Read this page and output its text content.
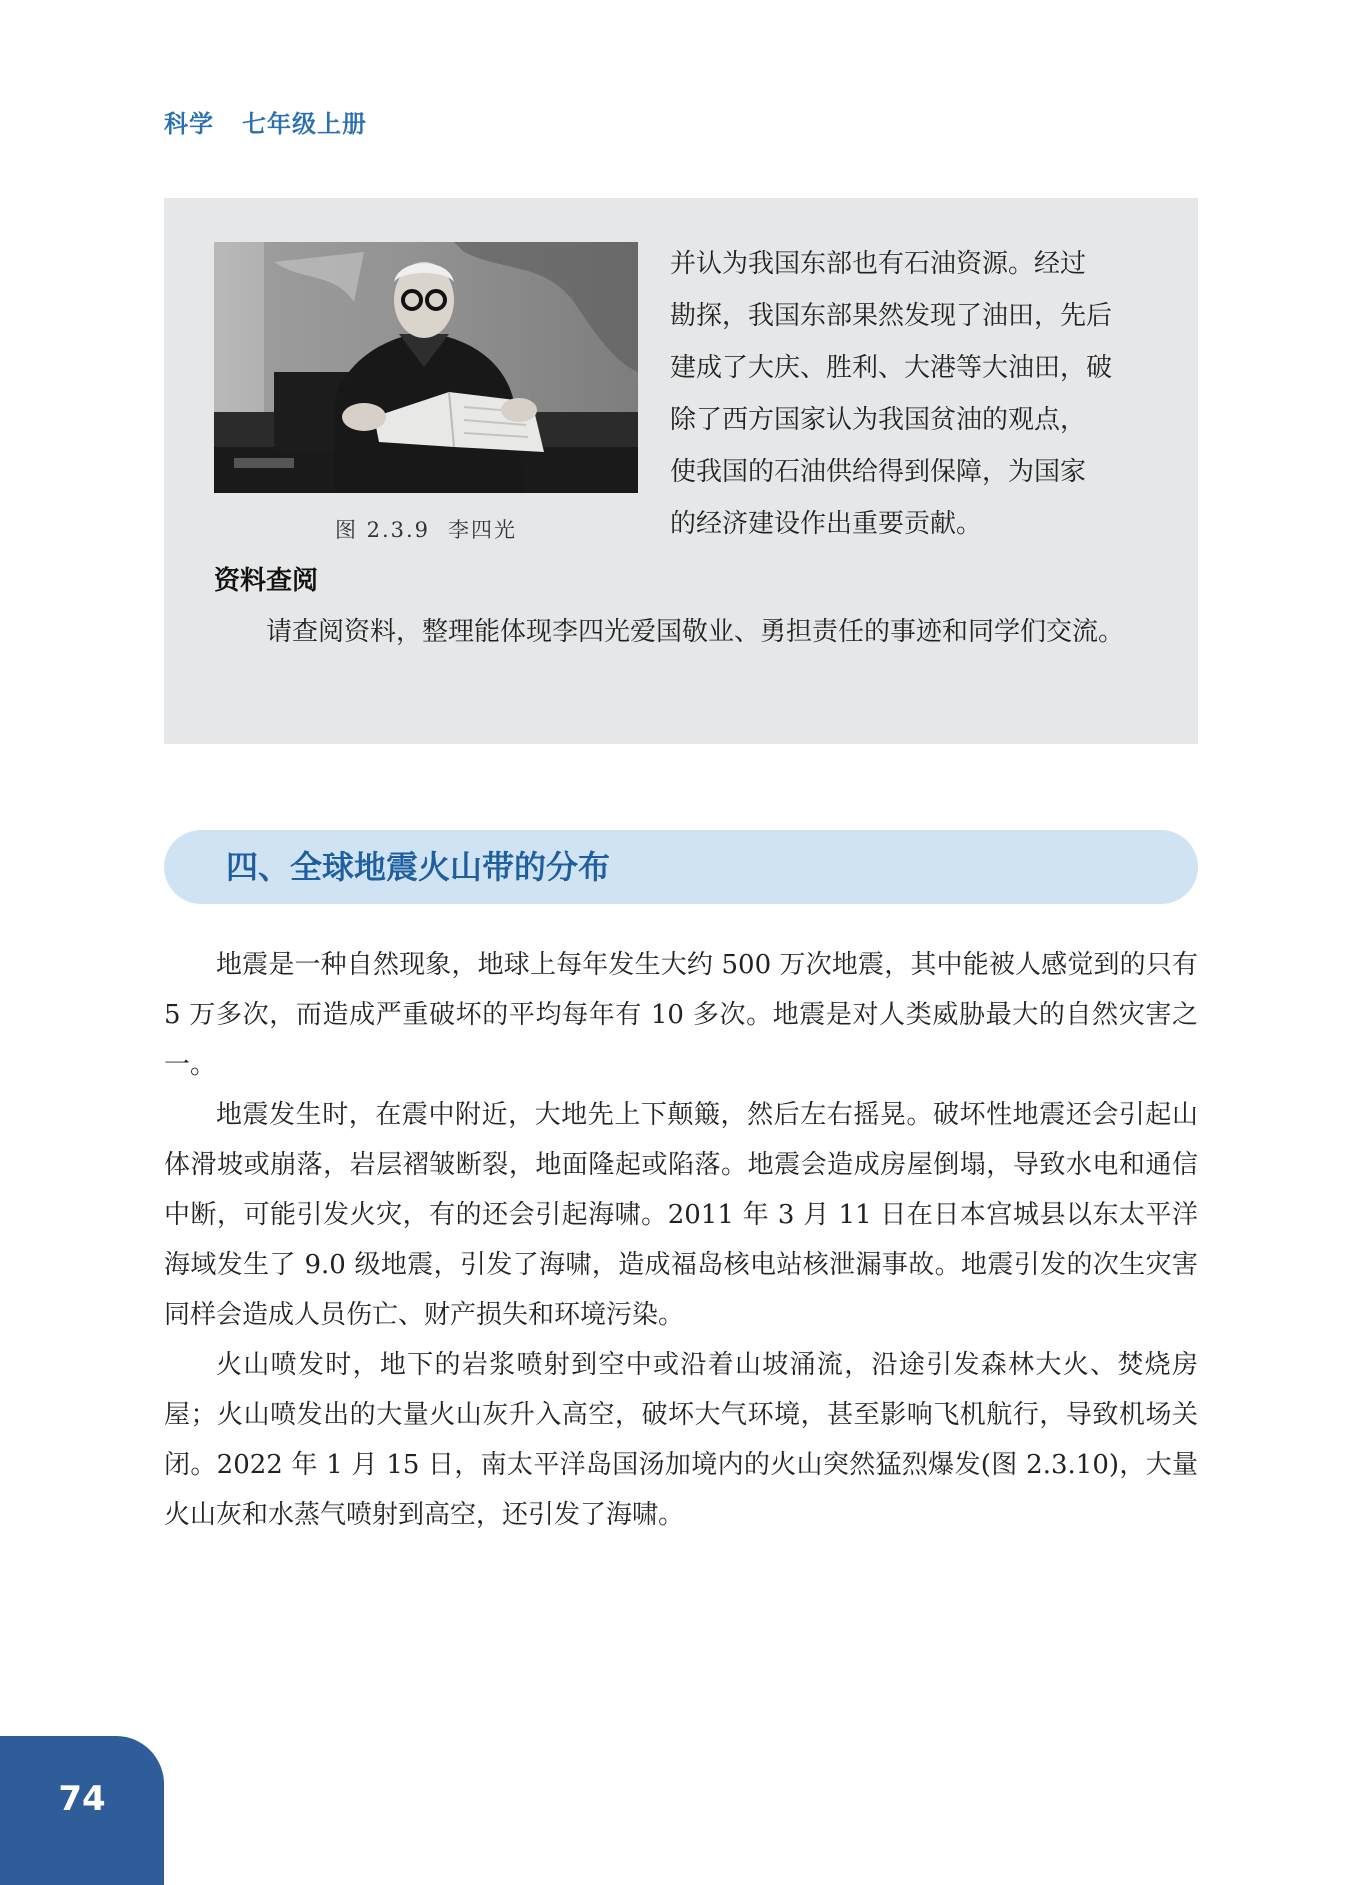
科学 七年级上册
图 2.3.9 李四光
并认为我国东部也有石油资源。经过
勘探，我国东部果然发现了油田，先后
建成了大庆、胜利、大港等大油田，破
除了西方国家认为我国贫油的观点，
使我国的石油供给得到保障，为国家
的经济建设作出重要贡献。
资料查阅
请查阅资料，整理能体现李四光爱国敬业、勇担责任的事迹和同学们交流。
四、全球地震火山带的分布

地震是一种自然现象，地球上每年发生大约 500 万次地震，其中能被人感觉到的只有 5 万多次，而造成严重破坏的平均每年有 10 多次。地震是对人类威胁最大的自然灾害之一。

地震发生时，在震中附近，大地先上下颠簸，然后左右摇晃。破坏性地震还会引起山体滑坡或崩落，岩层褶皱断裂，地面隆起或陷落。地震会造成房屋倒塌，导致水电和通信中断，可能引发火灾，有的还会引起海啸。2011 年 3 月 11 日在日本宫城县以东太平洋海域发生了 9.0 级地震，引发了海啸，造成福岛核电站核泄漏事故。地震引发的次生灾害同样会造成人员伤亡、财产损失和环境污染。

火山喷发时，地下的岩浆喷射到空中或沿着山坡涌流，沿途引发森林大火、焚烧房屋；火山喷发出的大量火山灰升入高空，破坏大气环境，甚至影响飞机航行，导致机场关闭。2022 年 1 月 15 日，南太平洋岛国汤加境内的火山突然猛烈爆发(图 2.3.10)，大量火山灰和水蒸气喷射到高空，还引发了海啸。

74
